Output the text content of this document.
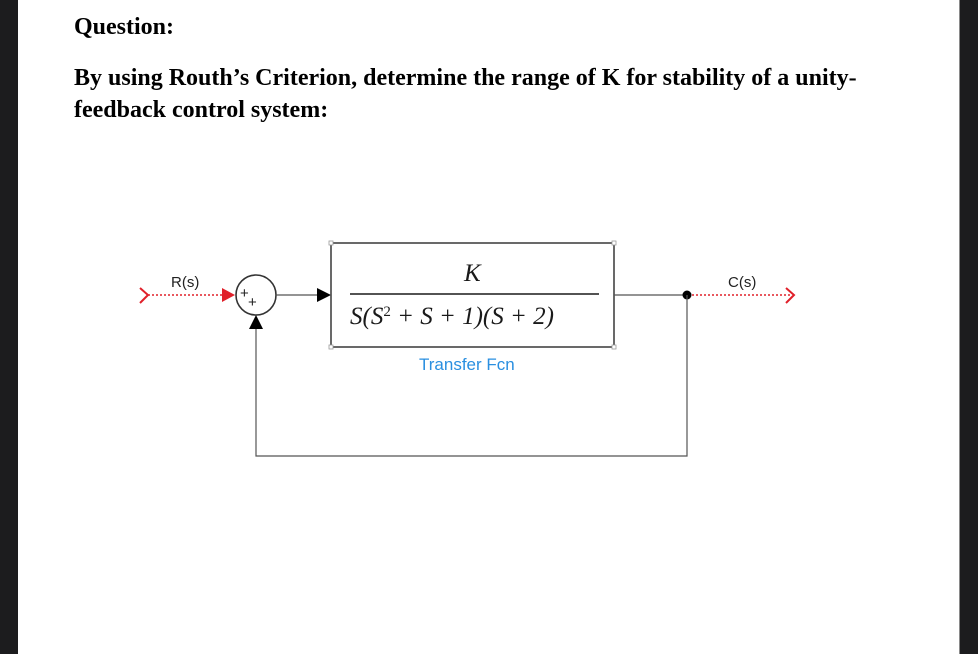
Question:

By using Routh’s Criterion, determine the range of K for stability of a unity-feedback control system:

R(s)
+
+
K
$S(S^2 + S + 1)(S + 2)$
Transfer Fcn
C(s)
